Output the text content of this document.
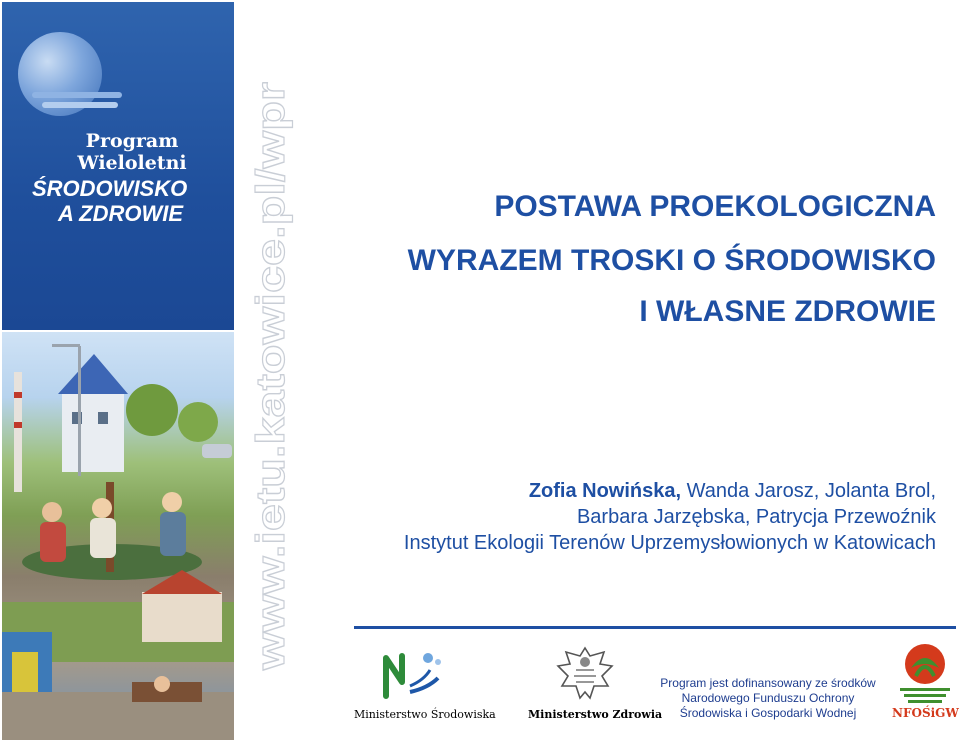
Program
Wieloletni
ŚRODOWISKO
A ZDROWIE	www.ietu.katowice.pl/wpr	POSTAWA PROEKOLOGICZNA
WYRAZEM TROSKI O ŚRODOWISKO
I WŁASNE ZDROWIE
Zofia Nowińska, Wanda Jarosz, Jolanta Brol,
Barbara Jarzębska, Patrycja Przewoźnik
Instytut Ekologii Terenów Uprzemysłowionych w Katowicach
Ministerstwo Środowiska	Ministerstwo Zdrowia
Program jest dofinansowany ze środków
Narodowego Funduszu Ochrony
Środowiska i Gospodarki Wodnej	NFOŚiGW
